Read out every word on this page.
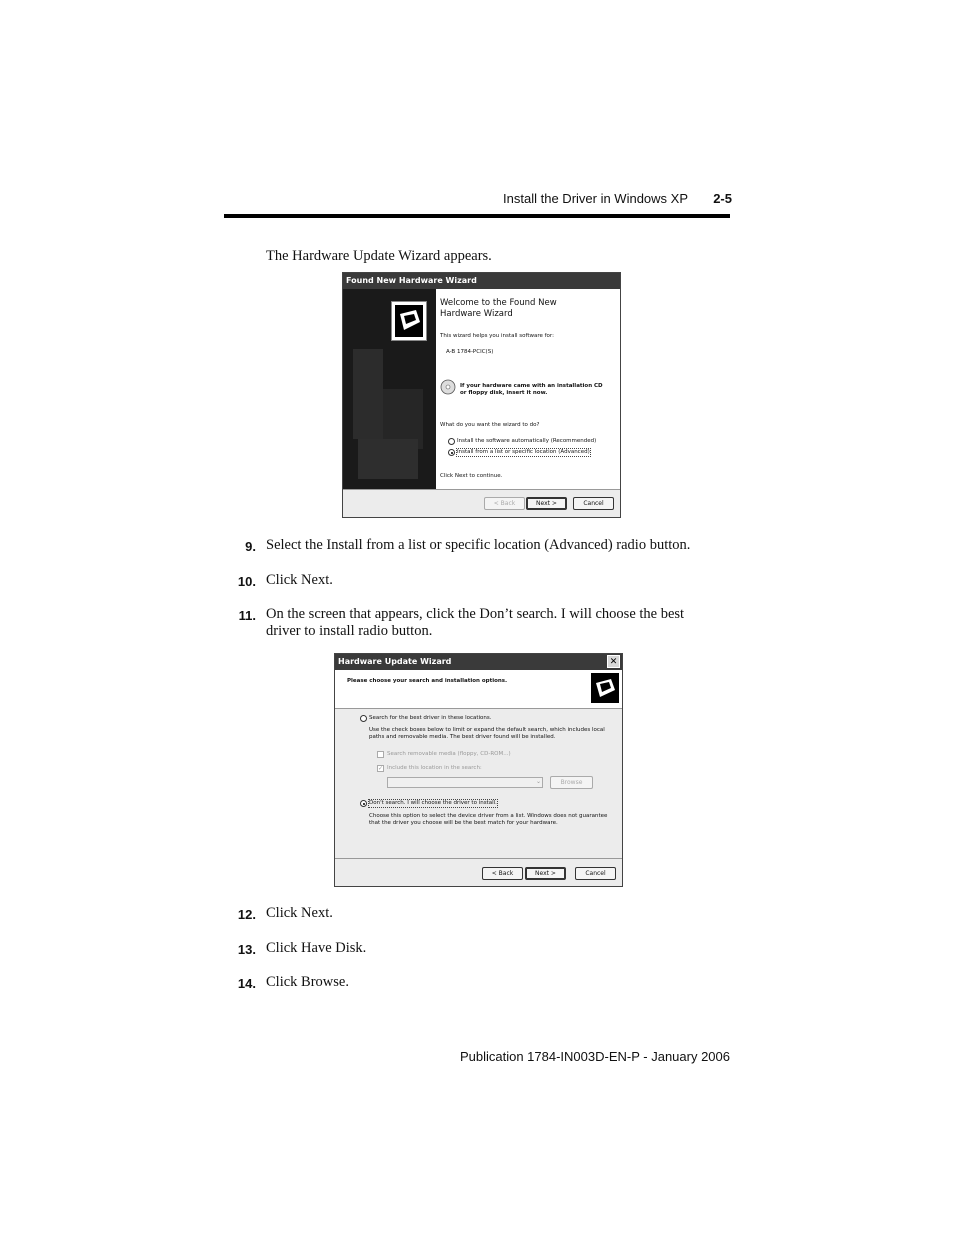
Install the Driver in Windows XP	2-5
The Hardware Update Wizard appears.
Found New Hardware Wizard
Welcome to the Found New Hardware Wizard
This wizard helps you install software for:
A-B 1784-PCIC(S)
If your hardware came with an installation CD or floppy disk, insert it now.
What do you want the wizard to do?
Install the software automatically (Recommended)
Install from a list or specific location (Advanced)
Click Next to continue.
< Back	Next >	Cancel
9. Select the Install from a list or specific location (Advanced) radio button.
10. Click Next.
11. On the screen that appears, click the Don’t search. I will choose the best driver to install radio button.
Hardware Update Wizard	✕
Please choose your search and installation options.
Search for the best driver in these locations.
Use the check boxes below to limit or expand the default search, which includes local paths and removable media. The best driver found will be installed.
Search removable media (floppy, CD-ROM...)
✓ Include this location in the search:
⌄	Browse
Don't search. I will choose the driver to install.
Choose this option to select the device driver from a list. Windows does not guarantee that the driver you choose will be the best match for your hardware.
< Back	Next >	Cancel
12. Click Next.
13. Click Have Disk.
14. Click Browse.
Publication 1784-IN003D-EN-P - January 2006
